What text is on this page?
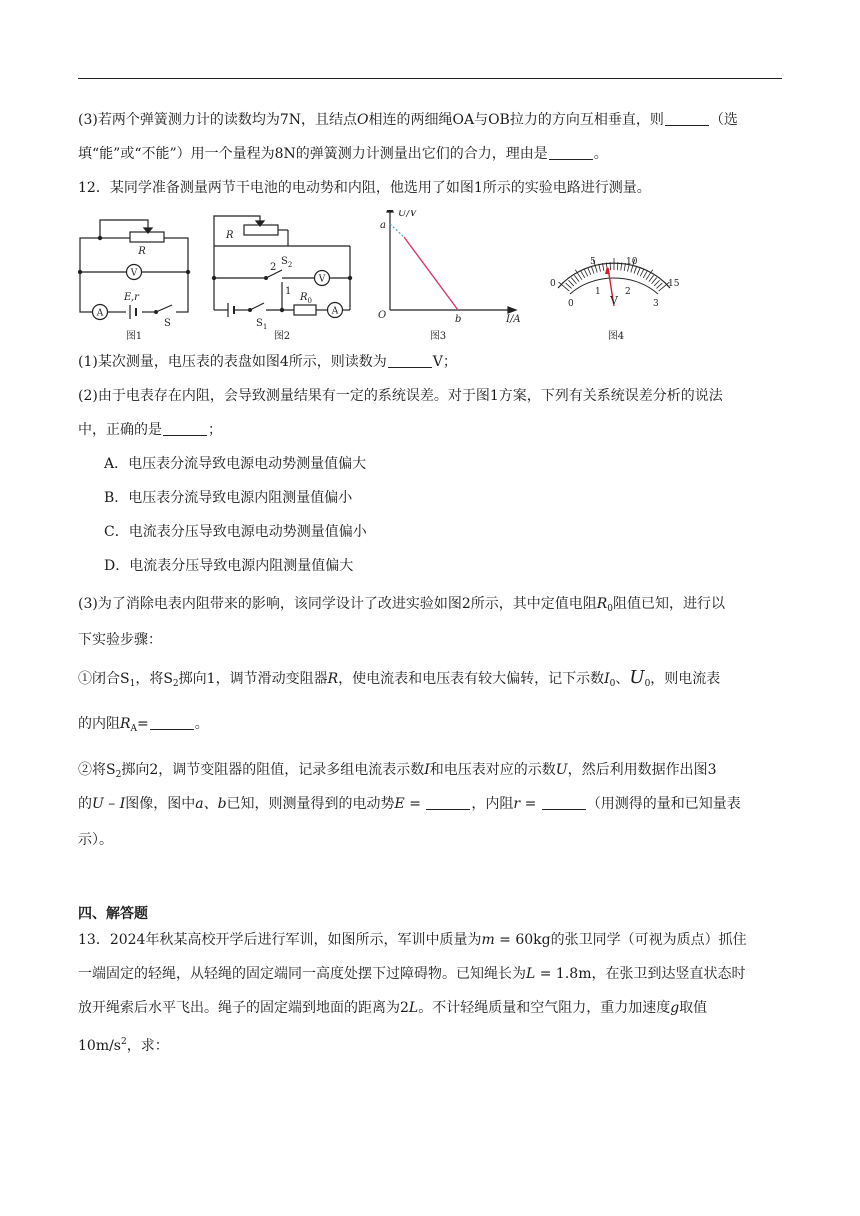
(3)若两个弹簧测力计的读数均为7N，且结点O相连的两细绳OA与OB拉力的方向互相垂直，则	（选

填“能”或“不能”）用一个量程为8N的弹簧测力计测量出它们的合力，理由是	。

12．某同学准备测量两节干电池的电动势和内阻，他选用了如图1所示的实验电路进行测量。

R
V
A
E ,r
S
图1
R
2
$S_2$
1
V
$R_0$
A
$S_1$
图2
U/V
a
O	b	I/A
图3
0
5	10
15
0
1	2
3
V
图4

(1)某次测量，电压表的表盘如图4所示，则读数为	V；

(2)由于电表存在内阻，会导致测量结果有一定的系统误差。对于图1方案，下列有关系统误差分析的说法

中，正确的是	；

A．电压表分流导致电源电动势测量值偏大

B．电压表分流导致电源内阻测量值偏小

C．电流表分压导致电源电动势测量值偏小

D．电流表分压导致电源内阻测量值偏大

(3)为了消除电表内阻带来的影响，该同学设计了改进实验如图2所示，其中定值电阻$R_0$阻值已知，进行以

下实验步骤：

①闭合$S_1$，将$S_2$掷向1，调节滑动变阻器R，使电流表和电压表有较大偏转，记下示数$I_0$、$U_0$，则电流表

的内阻$R_A=$	。

②将$S_2$掷向2，调节变阻器的阻值，记录多组电流表示数I和电压表对应的示数U，然后利用数据作出图3

的U – I图像，图中a、b已知，则测量得到的电动势E =	，内阻r =	（用测得的量和已知量表

示）。

四、解答题

13．2024年秋某高校开学后进行军训，如图所示，军训中质量为m = 60kg的张卫同学（可视为质点）抓住

一端固定的轻绳，从轻绳的固定端同一高度处摆下过障碍物。已知绳长为L = 1.8m，在张卫到达竖直状态时

放开绳索后水平飞出。绳子的固定端到地面的距离为2L。不计轻绳质量和空气阻力，重力加速度g取值

$10m/s^2$，求：
